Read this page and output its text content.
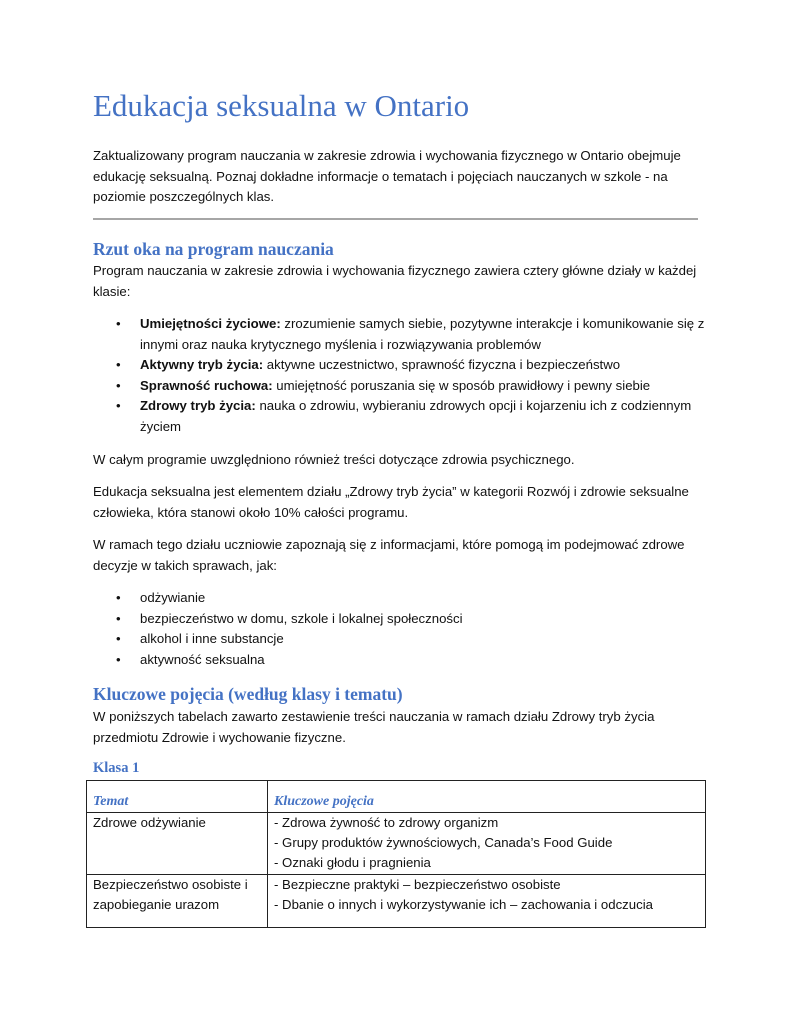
Edukacja seksualna w Ontario

Zaktualizowany program nauczania w zakresie zdrowia i wychowania fizycznego w Ontario obejmuje edukację seksualną. Poznaj dokładne informacje o tematach i pojęciach nauczanych w szkole - na poziomie poszczególnych klas.

Rzut oka na program nauczania

Program nauczania w zakresie zdrowia i wychowania fizycznego zawiera cztery główne działy w każdej klasie:

• Umiejętności życiowe: zrozumienie samych siebie, pozytywne interakcje i komunikowanie się z innymi oraz nauka krytycznego myślenia i rozwiązywania problemów
• Aktywny tryb życia: aktywne uczestnictwo, sprawność fizyczna i bezpieczeństwo
• Sprawność ruchowa: umiejętność poruszania się w sposób prawidłowy i pewny siebie
• Zdrowy tryb życia: nauka o zdrowiu, wybieraniu zdrowych opcji i kojarzeniu ich z codziennym życiem

W całym programie uwzględniono również treści dotyczące zdrowia psychicznego.

Edukacja seksualna jest elementem działu „Zdrowy tryb życia” w kategorii Rozwój i zdrowie seksualne człowieka, która stanowi około 10% całości programu.

W ramach tego działu uczniowie zapoznają się z informacjami, które pomogą im podejmować zdrowe decyzje w takich sprawach, jak:

• odżywianie
• bezpieczeństwo w domu, szkole i lokalnej społeczności
• alkohol i inne substancje
• aktywność seksualna
Kluczowe pojęcia (według klasy i tematu)

W poniższych tabelach zawarto zestawienie treści nauczania w ramach działu Zdrowy tryb życia przedmiotu Zdrowie i wychowanie fizyczne.

Klasa 1
Temat	Kluczowe pojęcia

Zdrowe odżywianie	- Zdrowa żywność to zdrowy organizm
- Grupy produktów żywnościowych, Canada’s Food Guide
- Oznaki głodu i pragnienia

Bezpieczeństwo osobiste i
zapobieganie urazom	- Bezpieczne praktyki – bezpieczeństwo osobiste
- Dbanie o innych i wykorzystywanie ich – zachowania i odczucia
